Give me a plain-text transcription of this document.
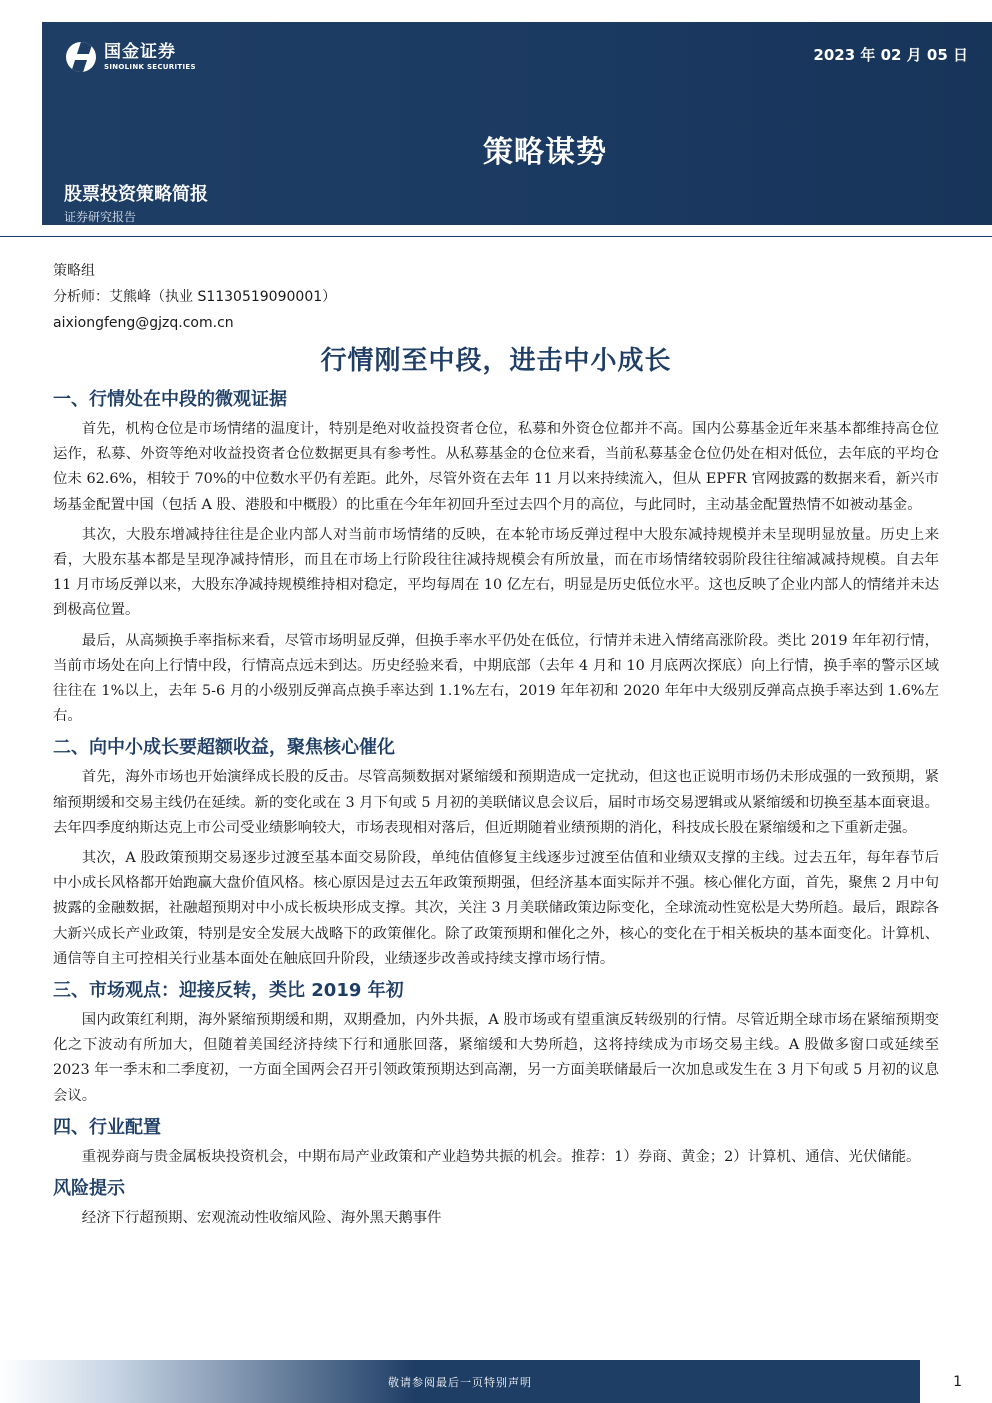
国金证券
SINOLINK SECURITIES
2023 年 02 月 05 日
策略谋势
股票投资策略简报
证券研究报告
策略组
分析师：艾熊峰（执业 S1130519090001）
aixiongfeng@gjzq.com.cn
行情刚至中段，进击中小成长
一、行情处在中段的微观证据

首先，机构仓位是市场情绪的温度计，特别是绝对收益投资者仓位，私募和外资仓位都并不高。国内公募基金近年来基本都维持高仓位运作，私募、外资等绝对收益投资者仓位数据更具有参考性。从私募基金的仓位来看，当前私募基金仓位仍处在相对低位，去年底的平均仓位未 62.6%，相较于 70%的中位数水平仍有差距。此外，尽管外资在去年 11 月以来持续流入，但从 EPFR 官网披露的数据来看，新兴市场基金配置中国（包括 A 股、港股和中概股）的比重在今年年初回升至过去四个月的高位，与此同时，主动基金配置热情不如被动基金。

其次，大股东增减持往往是企业内部人对当前市场情绪的反映，在本轮市场反弹过程中大股东减持规模并未呈现明显放量。历史上来看，大股东基本都是呈现净减持情形，而且在市场上行阶段往往减持规模会有所放量，而在市场情绪较弱阶段往往缩减减持规模。自去年 11 月市场反弹以来，大股东净减持规模维持相对稳定，平均每周在 10 亿左右，明显是历史低位水平。这也反映了企业内部人的情绪并未达到极高位置。

最后，从高频换手率指标来看，尽管市场明显反弹，但换手率水平仍处在低位，行情并未进入情绪高涨阶段。类比 2019 年年初行情，当前市场处在向上行情中段，行情高点远未到达。历史经验来看，中期底部（去年 4 月和 10 月底两次探底）向上行情，换手率的警示区域往往在 1%以上，去年 5-6 月的小级别反弹高点换手率达到 1.1%左右，2019 年年初和 2020 年年中大级别反弹高点换手率达到 1.6%左右。

二、向中小成长要超额收益，聚焦核心催化

首先，海外市场也开始演绎成长股的反击。尽管高频数据对紧缩缓和预期造成一定扰动，但这也正说明市场仍未形成强的一致预期，紧缩预期缓和交易主线仍在延续。新的变化或在 3 月下旬或 5 月初的美联储议息会议后，届时市场交易逻辑或从紧缩缓和切换至基本面衰退。去年四季度纳斯达克上市公司受业绩影响较大，市场表现相对落后，但近期随着业绩预期的消化，科技成长股在紧缩缓和之下重新走强。

其次，A 股政策预期交易逐步过渡至基本面交易阶段，单纯估值修复主线逐步过渡至估值和业绩双支撑的主线。过去五年，每年春节后中小成长风格都开始跑赢大盘价值风格。核心原因是过去五年政策预期强，但经济基本面实际并不强。核心催化方面，首先，聚焦 2 月中旬披露的金融数据，社融超预期对中小成长板块形成支撑。其次，关注 3 月美联储政策边际变化，全球流动性宽松是大势所趋。最后，跟踪各大新兴成长产业政策，特别是安全发展大战略下的政策催化。除了政策预期和催化之外，核心的变化在于相关板块的基本面变化。计算机、通信等自主可控相关行业基本面处在触底回升阶段，业绩逐步改善或持续支撑市场行情。

三、市场观点：迎接反转，类比 2019 年初

国内政策红利期，海外紧缩预期缓和期，双期叠加，内外共振，A 股市场或有望重演反转级别的行情。尽管近期全球市场在紧缩预期变化之下波动有所加大，但随着美国经济持续下行和通胀回落，紧缩缓和大势所趋，这将持续成为市场交易主线。A 股做多窗口或延续至 2023 年一季末和二季度初，一方面全国两会召开引领政策预期达到高潮，另一方面美联储最后一次加息或发生在 3 月下旬或 5 月初的议息会议。

四、行业配置

重视券商与贵金属板块投资机会，中期布局产业政策和产业趋势共振的机会。推荐：1）券商、黄金；2）计算机、通信、光伏储能。

风险提示

经济下行超预期、宏观流动性收缩风险、海外黑天鹅事件

敬请参阅最后一页特别声明	1
